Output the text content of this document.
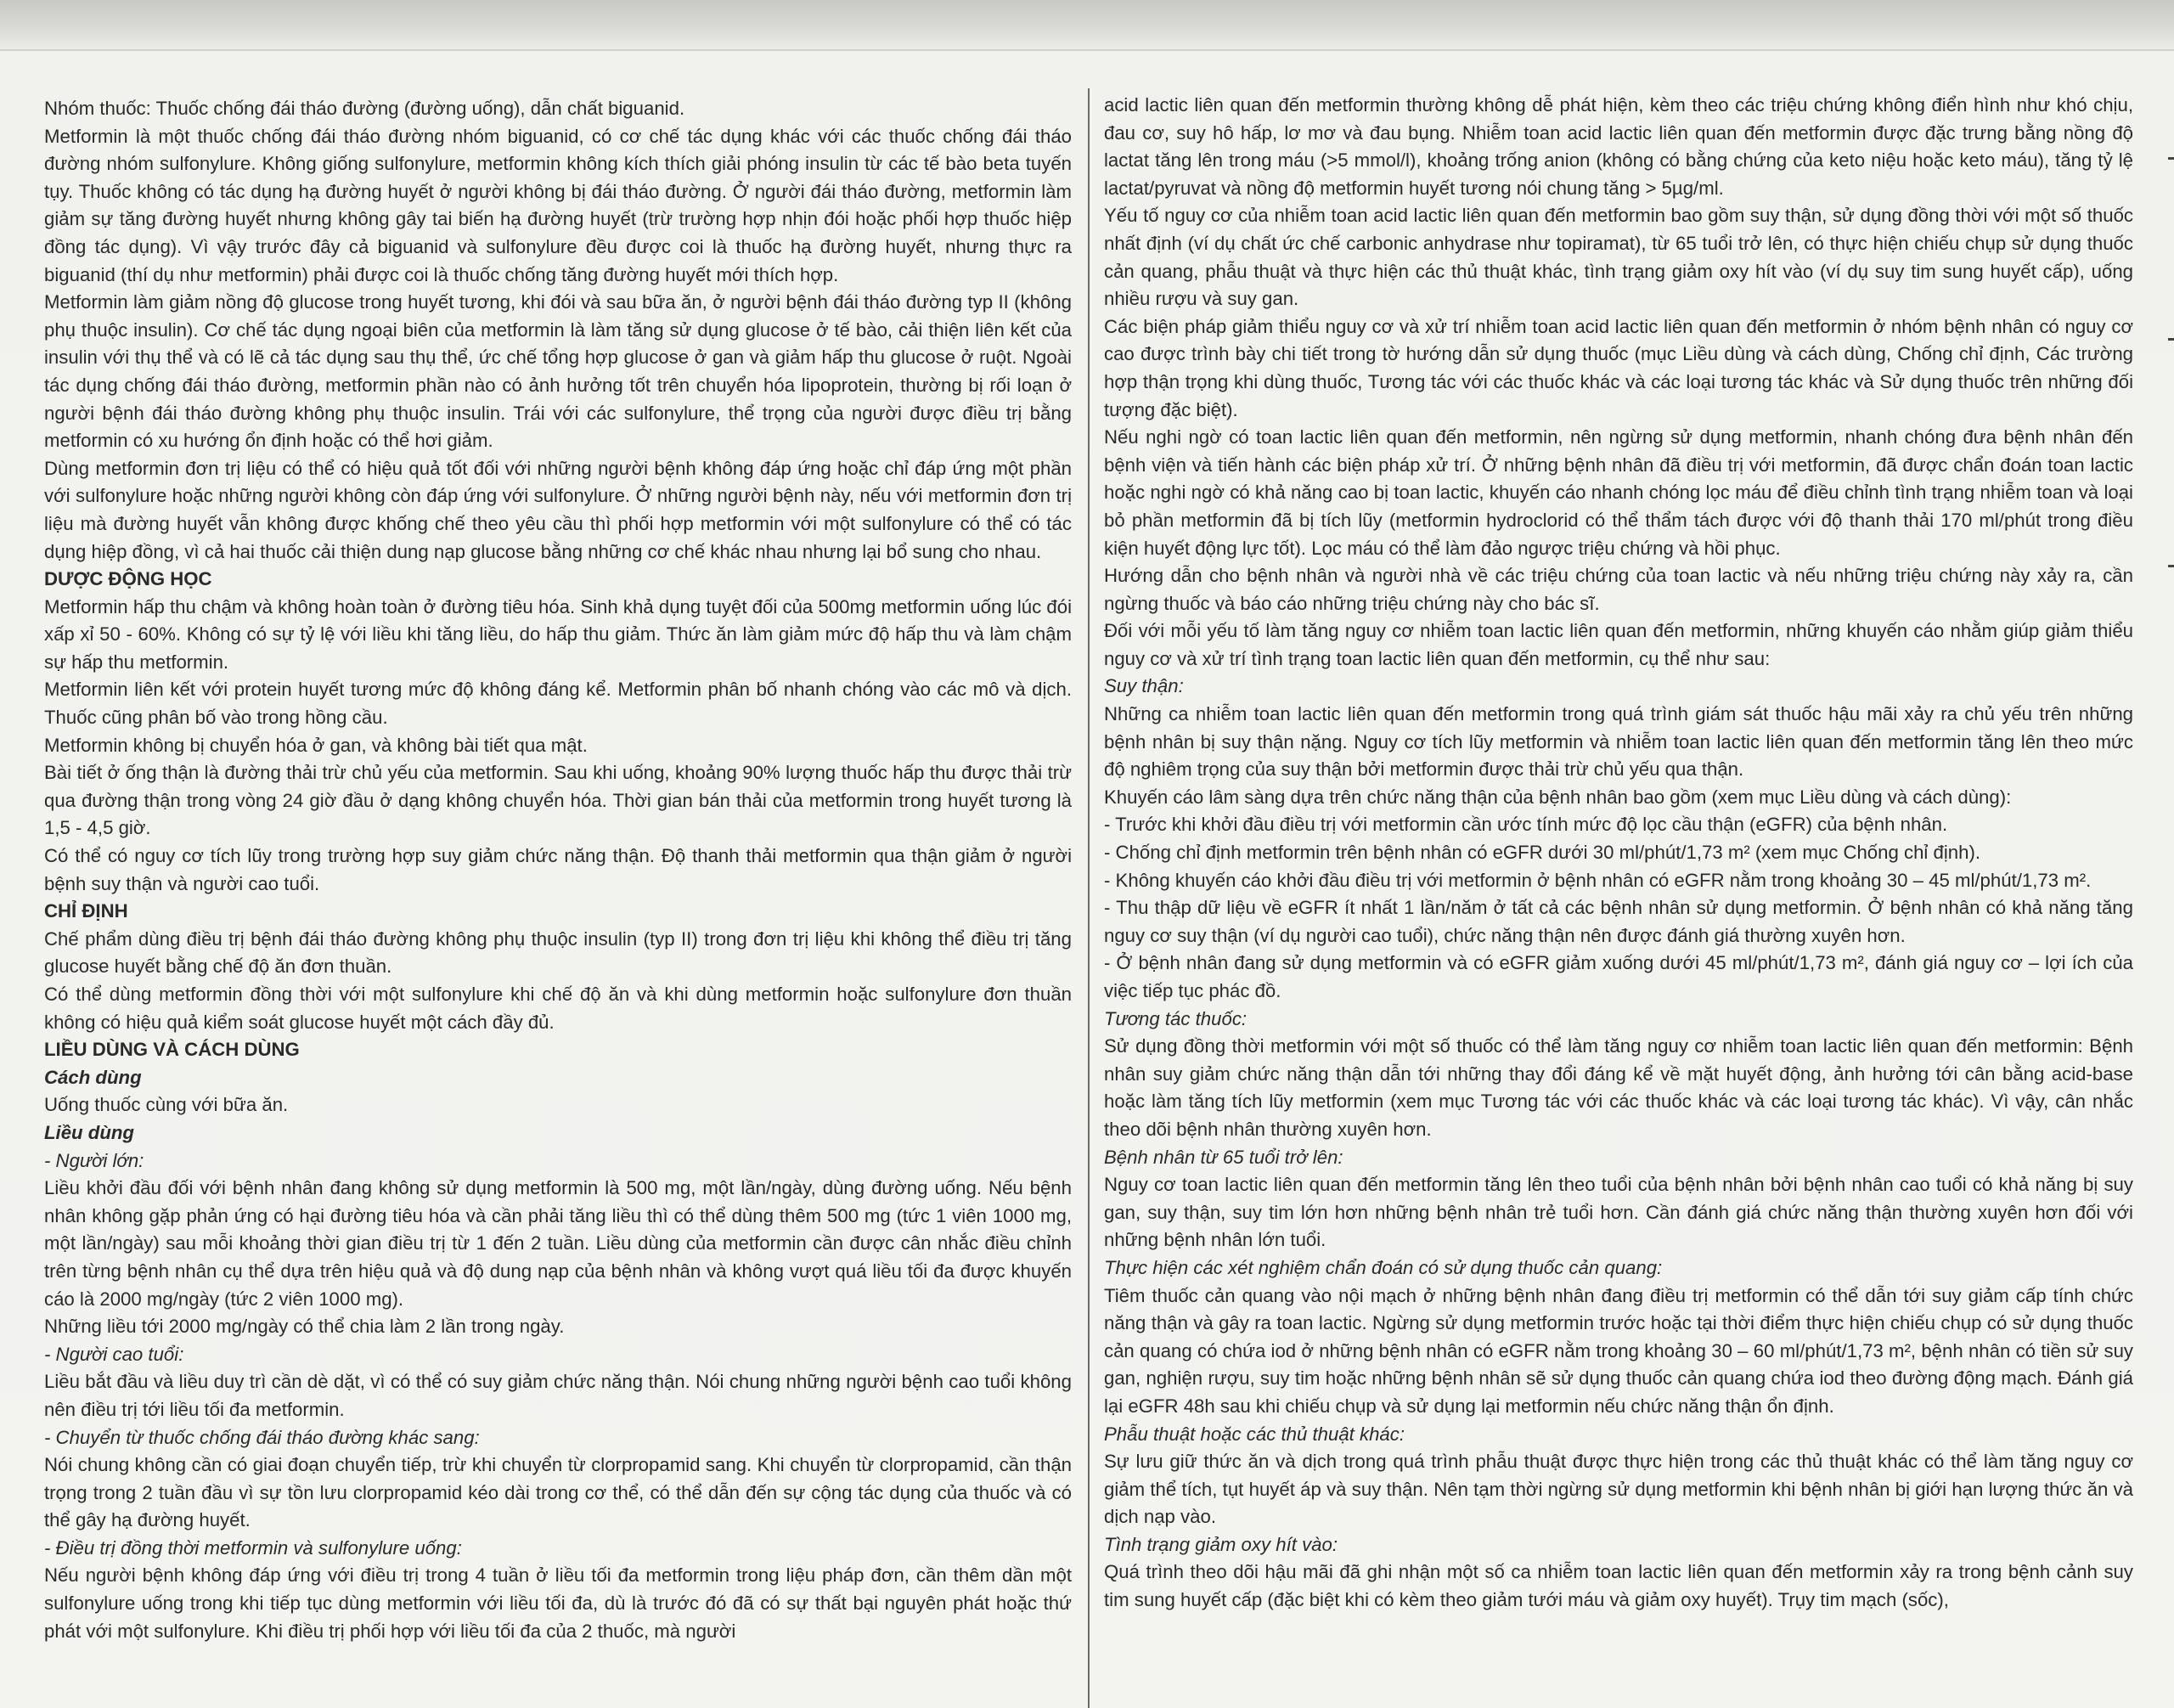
Nhóm thuốc: Thuốc chống đái tháo đường (đường uống), dẫn chất biguanid.

Metformin là một thuốc chống đái tháo đường nhóm biguanid, có cơ chế tác dụng khác với các thuốc chống đái tháo đường nhóm sulfonylure. Không giống sulfonylure, metformin không kích thích giải phóng insulin từ các tế bào beta tuyến tụy. Thuốc không có tác dụng hạ đường huyết ở người không bị đái tháo đường. Ở người đái tháo đường, metformin làm giảm sự tăng đường huyết nhưng không gây tai biến hạ đường huyết (trừ trường hợp nhịn đói hoặc phối hợp thuốc hiệp đồng tác dụng). Vì vậy trước đây cả biguanid và sulfonylure đều được coi là thuốc hạ đường huyết, nhưng thực ra biguanid (thí dụ như metformin) phải được coi là thuốc chống tăng đường huyết mới thích hợp.

Metformin làm giảm nồng độ glucose trong huyết tương, khi đói và sau bữa ăn, ở người bệnh đái tháo đường typ II (không phụ thuộc insulin). Cơ chế tác dụng ngoại biên của metformin là làm tăng sử dụng glucose ở tế bào, cải thiện liên kết của insulin với thụ thể và có lẽ cả tác dụng sau thụ thể, ức chế tổng hợp glucose ở gan và giảm hấp thu glucose ở ruột. Ngoài tác dụng chống đái tháo đường, metformin phần nào có ảnh hưởng tốt trên chuyển hóa lipoprotein, thường bị rối loạn ở người bệnh đái tháo đường không phụ thuộc insulin. Trái với các sulfonylure, thể trọng của người được điều trị bằng metformin có xu hướng ổn định hoặc có thể hơi giảm.

Dùng metformin đơn trị liệu có thể có hiệu quả tốt đối với những người bệnh không đáp ứng hoặc chỉ đáp ứng một phần với sulfonylure hoặc những người không còn đáp ứng với sulfonylure. Ở những người bệnh này, nếu với metformin đơn trị liệu mà đường huyết vẫn không được khống chế theo yêu cầu thì phối hợp metformin với một sulfonylure có thể có tác dụng hiệp đồng, vì cả hai thuốc cải thiện dung nạp glucose bằng những cơ chế khác nhau nhưng lại bổ sung cho nhau.

DƯỢC ĐỘNG HỌC

Metformin hấp thu chậm và không hoàn toàn ở đường tiêu hóa. Sinh khả dụng tuyệt đối của 500mg metformin uống lúc đói xấp xỉ 50 - 60%. Không có sự tỷ lệ với liều khi tăng liều, do hấp thu giảm. Thức ăn làm giảm mức độ hấp thu và làm chậm sự hấp thu metformin.

Metformin liên kết với protein huyết tương mức độ không đáng kể. Metformin phân bố nhanh chóng vào các mô và dịch. Thuốc cũng phân bố vào trong hồng cầu.

Metformin không bị chuyển hóa ở gan, và không bài tiết qua mật.

Bài tiết ở ống thận là đường thải trừ chủ yếu của metformin. Sau khi uống, khoảng 90% lượng thuốc hấp thu được thải trừ qua đường thận trong vòng 24 giờ đầu ở dạng không chuyển hóa. Thời gian bán thải của metformin trong huyết tương là 1,5 - 4,5 giờ.

Có thể có nguy cơ tích lũy trong trường hợp suy giảm chức năng thận. Độ thanh thải metformin qua thận giảm ở người bệnh suy thận và người cao tuổi.

CHỈ ĐỊNH

Chế phẩm dùng điều trị bệnh đái tháo đường không phụ thuộc insulin (typ II) trong đơn trị liệu khi không thể điều trị tăng glucose huyết bằng chế độ ăn đơn thuần.

Có thể dùng metformin đồng thời với một sulfonylure khi chế độ ăn và khi dùng metformin hoặc sulfonylure đơn thuần không có hiệu quả kiểm soát glucose huyết một cách đầy đủ.

LIỀU DÙNG VÀ CÁCH DÙNG

Cách dùng

Uống thuốc cùng với bữa ăn.

Liều dùng

- Người lớn:

Liều khởi đầu đối với bệnh nhân đang không sử dụng metformin là 500 mg, một lần/ngày, dùng đường uống. Nếu bệnh nhân không gặp phản ứng có hại đường tiêu hóa và cần phải tăng liều thì có thể dùng thêm 500 mg (tức 1 viên 1000 mg, một lần/ngày) sau mỗi khoảng thời gian điều trị từ 1 đến 2 tuần. Liều dùng của metformin cần được cân nhắc điều chỉnh trên từng bệnh nhân cụ thể dựa trên hiệu quả và độ dung nạp của bệnh nhân và không vượt quá liều tối đa được khuyến cáo là 2000 mg/ngày (tức 2 viên 1000 mg).

Những liều tới 2000 mg/ngày có thể chia làm 2 lần trong ngày.

- Người cao tuổi:

Liều bắt đầu và liều duy trì cần dè dặt, vì có thể có suy giảm chức năng thận. Nói chung những người bệnh cao tuổi không nên điều trị tới liều tối đa metformin.

- Chuyển từ thuốc chống đái tháo đường khác sang:

Nói chung không cần có giai đoạn chuyển tiếp, trừ khi chuyển từ clorpropamid sang. Khi chuyển từ clorpropamid, cần thận trọng trong 2 tuần đầu vì sự tồn lưu clorpropamid kéo dài trong cơ thể, có thể dẫn đến sự cộng tác dụng của thuốc và có thể gây hạ đường huyết.

- Điều trị đồng thời metformin và sulfonylure uống:

Nếu người bệnh không đáp ứng với điều trị trong 4 tuần ở liều tối đa metformin trong liệu pháp đơn, cần thêm dần một sulfonylure uống trong khi tiếp tục dùng metformin với liều tối đa, dù là trước đó đã có sự thất bại nguyên phát hoặc thứ phát với một sulfonylure. Khi điều trị phối hợp với liều tối đa của 2 thuốc, mà người

acid lactic liên quan đến metformin thường không dễ phát hiện, kèm theo các triệu chứng không điển hình như khó chịu, đau cơ, suy hô hấp, lơ mơ và đau bụng. Nhiễm toan acid lactic liên quan đến metformin được đặc trưng bằng nồng độ lactat tăng lên trong máu (>5 mmol/l), khoảng trống anion (không có bằng chứng của keto niệu hoặc keto máu), tăng tỷ lệ lactat/pyruvat và nồng độ metformin huyết tương nói chung tăng > 5µg/ml.

Yếu tố nguy cơ của nhiễm toan acid lactic liên quan đến metformin bao gồm suy thận, sử dụng đồng thời với một số thuốc nhất định (ví dụ chất ức chế carbonic anhydrase như topiramat), từ 65 tuổi trở lên, có thực hiện chiếu chụp sử dụng thuốc cản quang, phẫu thuật và thực hiện các thủ thuật khác, tình trạng giảm oxy hít vào (ví dụ suy tim sung huyết cấp), uống nhiều rượu và suy gan.

Các biện pháp giảm thiểu nguy cơ và xử trí nhiễm toan acid lactic liên quan đến metformin ở nhóm bệnh nhân có nguy cơ cao được trình bày chi tiết trong tờ hướng dẫn sử dụng thuốc (mục Liều dùng và cách dùng, Chống chỉ định, Các trường hợp thận trọng khi dùng thuốc, Tương tác với các thuốc khác và các loại tương tác khác và Sử dụng thuốc trên những đối tượng đặc biệt).

Nếu nghi ngờ có toan lactic liên quan đến metformin, nên ngừng sử dụng metformin, nhanh chóng đưa bệnh nhân đến bệnh viện và tiến hành các biện pháp xử trí. Ở những bệnh nhân đã điều trị với metformin, đã được chẩn đoán toan lactic hoặc nghi ngờ có khả năng cao bị toan lactic, khuyến cáo nhanh chóng lọc máu để điều chỉnh tình trạng nhiễm toan và loại bỏ phần metformin đã bị tích lũy (metformin hydroclorid có thể thẩm tách được với độ thanh thải 170 ml/phút trong điều kiện huyết động lực tốt). Lọc máu có thể làm đảo ngược triệu chứng và hồi phục.

Hướng dẫn cho bệnh nhân và người nhà về các triệu chứng của toan lactic và nếu những triệu chứng này xảy ra, cần ngừng thuốc và báo cáo những triệu chứng này cho bác sĩ.

Đối với mỗi yếu tố làm tăng nguy cơ nhiễm toan lactic liên quan đến metformin, những khuyến cáo nhằm giúp giảm thiểu nguy cơ và xử trí tình trạng toan lactic liên quan đến metformin, cụ thể như sau:

Suy thận:

Những ca nhiễm toan lactic liên quan đến metformin trong quá trình giám sát thuốc hậu mãi xảy ra chủ yếu trên những bệnh nhân bị suy thận nặng. Nguy cơ tích lũy metformin và nhiễm toan lactic liên quan đến metformin tăng lên theo mức độ nghiêm trọng của suy thận bởi metformin được thải trừ chủ yếu qua thận.

Khuyến cáo lâm sàng dựa trên chức năng thận của bệnh nhân bao gồm (xem mục Liều dùng và cách dùng):

- Trước khi khởi đầu điều trị với metformin cần ước tính mức độ lọc cầu thận (eGFR) của bệnh nhân.

- Chống chỉ định metformin trên bệnh nhân có eGFR dưới 30 ml/phút/1,73 m² (xem mục Chống chỉ định).

- Không khuyến cáo khởi đầu điều trị với metformin ở bệnh nhân có eGFR nằm trong khoảng 30 – 45 ml/phút/1,73 m².

- Thu thập dữ liệu về eGFR ít nhất 1 lần/năm ở tất cả các bệnh nhân sử dụng metformin. Ở bệnh nhân có khả năng tăng nguy cơ suy thận (ví dụ người cao tuổi), chức năng thận nên được đánh giá thường xuyên hơn.

- Ở bệnh nhân đang sử dụng metformin và có eGFR giảm xuống dưới 45 ml/phút/1,73 m², đánh giá nguy cơ – lợi ích của việc tiếp tục phác đồ.

Tương tác thuốc:

Sử dụng đồng thời metformin với một số thuốc có thể làm tăng nguy cơ nhiễm toan lactic liên quan đến metformin: Bệnh nhân suy giảm chức năng thận dẫn tới những thay đổi đáng kể về mặt huyết động, ảnh hưởng tới cân bằng acid-base hoặc làm tăng tích lũy metformin (xem mục Tương tác với các thuốc khác và các loại tương tác khác). Vì vậy, cân nhắc theo dõi bệnh nhân thường xuyên hơn.

Bệnh nhân từ 65 tuổi trở lên:

Nguy cơ toan lactic liên quan đến metformin tăng lên theo tuổi của bệnh nhân bởi bệnh nhân cao tuổi có khả năng bị suy gan, suy thận, suy tim lớn hơn những bệnh nhân trẻ tuổi hơn. Cần đánh giá chức năng thận thường xuyên hơn đối với những bệnh nhân lớn tuổi.

Thực hiện các xét nghiệm chẩn đoán có sử dụng thuốc cản quang:

Tiêm thuốc cản quang vào nội mạch ở những bệnh nhân đang điều trị metformin có thể dẫn tới suy giảm cấp tính chức năng thận và gây ra toan lactic. Ngừng sử dụng metformin trước hoặc tại thời điểm thực hiện chiếu chụp có sử dụng thuốc cản quang có chứa iod ở những bệnh nhân có eGFR nằm trong khoảng 30 – 60 ml/phút/1,73 m², bệnh nhân có tiền sử suy gan, nghiện rượu, suy tim hoặc những bệnh nhân sẽ sử dụng thuốc cản quang chứa iod theo đường động mạch. Đánh giá lại eGFR 48h sau khi chiếu chụp và sử dụng lại metformin nếu chức năng thận ổn định.

Phẫu thuật hoặc các thủ thuật khác:

Sự lưu giữ thức ăn và dịch trong quá trình phẫu thuật được thực hiện trong các thủ thuật khác có thể làm tăng nguy cơ giảm thể tích, tụt huyết áp và suy thận. Nên tạm thời ngừng sử dụng metformin khi bệnh nhân bị giới hạn lượng thức ăn và dịch nạp vào.

Tình trạng giảm oxy hít vào:

Quá trình theo dõi hậu mãi đã ghi nhận một số ca nhiễm toan lactic liên quan đến metformin xảy ra trong bệnh cảnh suy tim sung huyết cấp (đặc biệt khi có kèm theo giảm tưới máu và giảm oxy huyết). Trụy tim mạch (sốc),
